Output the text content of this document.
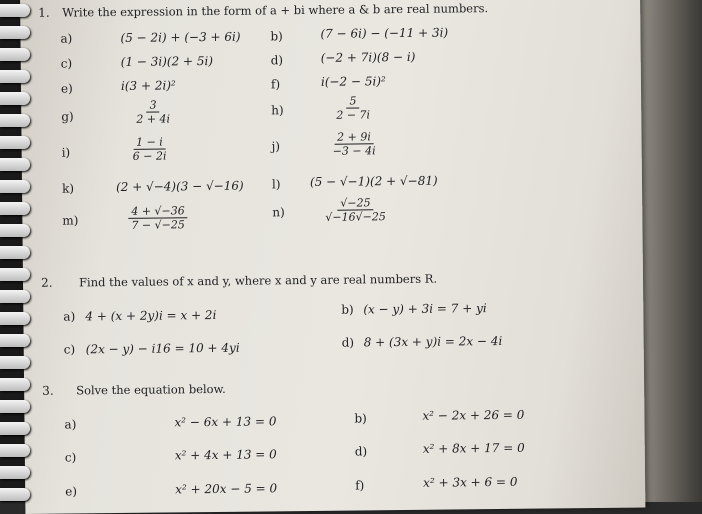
1. Write the expression in the form of a + bi where a & b are real numbers.
a)	(5 − 2i) + (−3 + 6i) b)	(7 − 6i) − (−11 + 3i)
c)	(1 − 3i)(2 + 5i)	d)	(−2 + 7i)(8 − i)
e)	i(3 + 2i)²	f)	i(−2 − 5i)²
g)	$\frac{3}{2 + 4i}$	h)	$\frac{5}{2 - 7i}$
i)	$\frac{1 - i}{6 - 2i}$	j)	$\frac{2 + 9i}{-3 - 4i}$
k)	(2 + √−4)(3 − √−16) l) (5 − √−1)(2 + √−81)
m)	$\frac{4 + √-36}{7 - √-25}$	n)	$\frac{√-25}{√-16√-25}$
2. Find the values of x and y, where x and y are real numbers R.
a) 4 + (x + 2y)i = x + 2i	b) (x − y) + 3i = 7 + yi
c) (2x − y) − i16 = 10 + 4yi	d) 8 + (3x + y)i = 2x − 4i
3. Solve the equation below.
a)	x² − 6x + 13 = 0	b)	x² − 2x + 26 = 0
c)	x² + 4x + 13 = 0	d)	x² + 8x + 17 = 0
e)	x² + 20x − 5 = 0	f)	x² + 3x + 6 = 0
